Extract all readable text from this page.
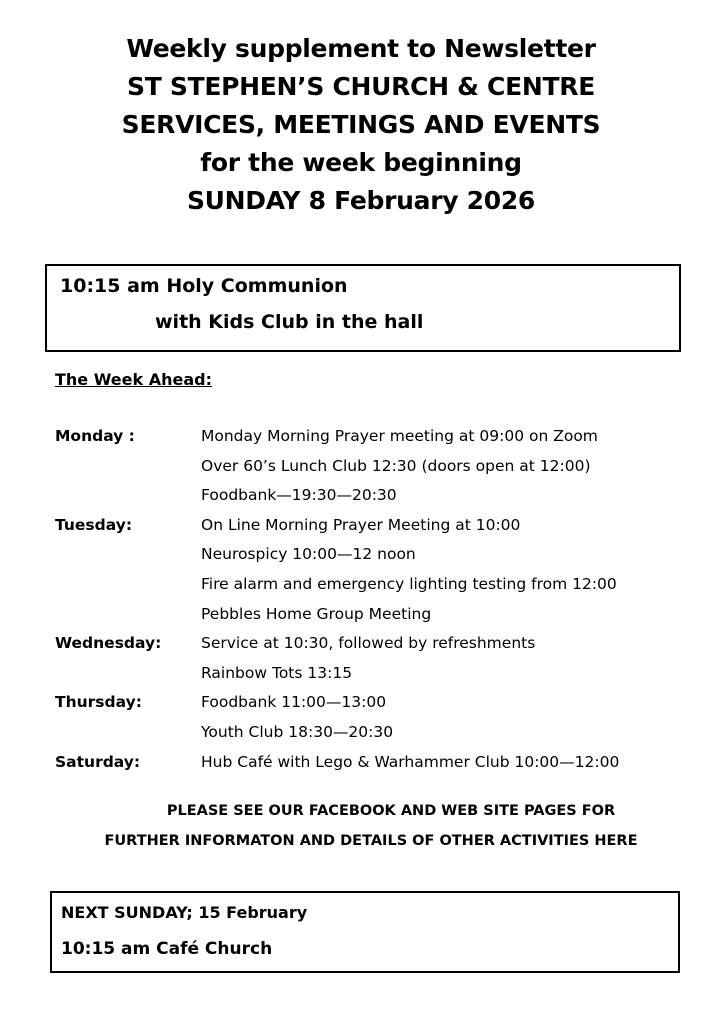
Weekly supplement to Newsletter
ST STEPHEN’S CHURCH & CENTRE
SERVICES, MEETINGS AND EVENTS
for the week beginning
SUNDAY 8 February 2026
10:15 am Holy Communion
with Kids Club in the hall
The Week Ahead:
Monday :	Monday Morning Prayer meeting at 09:00 on Zoom
Over 60’s Lunch Club 12:30 (doors open at 12:00)
Foodbank—19:30—20:30
Tuesday:	On Line Morning Prayer Meeting at 10:00
Neurospicy 10:00—12 noon
Fire alarm and emergency lighting testing from 12:00
Pebbles Home Group Meeting
Wednesday:	Service at 10:30, followed by refreshments
Rainbow Tots 13:15
Thursday:	Foodbank 11:00—13:00
Youth Club 18:30—20:30
Saturday:	Hub Café with Lego & Warhammer Club 10:00—12:00
PLEASE SEE OUR FACEBOOK AND WEB SITE PAGES FOR
FURTHER INFORMATON AND DETAILS OF OTHER ACTIVITIES HERE
NEXT SUNDAY; 15 February
10:15 am Café Church
